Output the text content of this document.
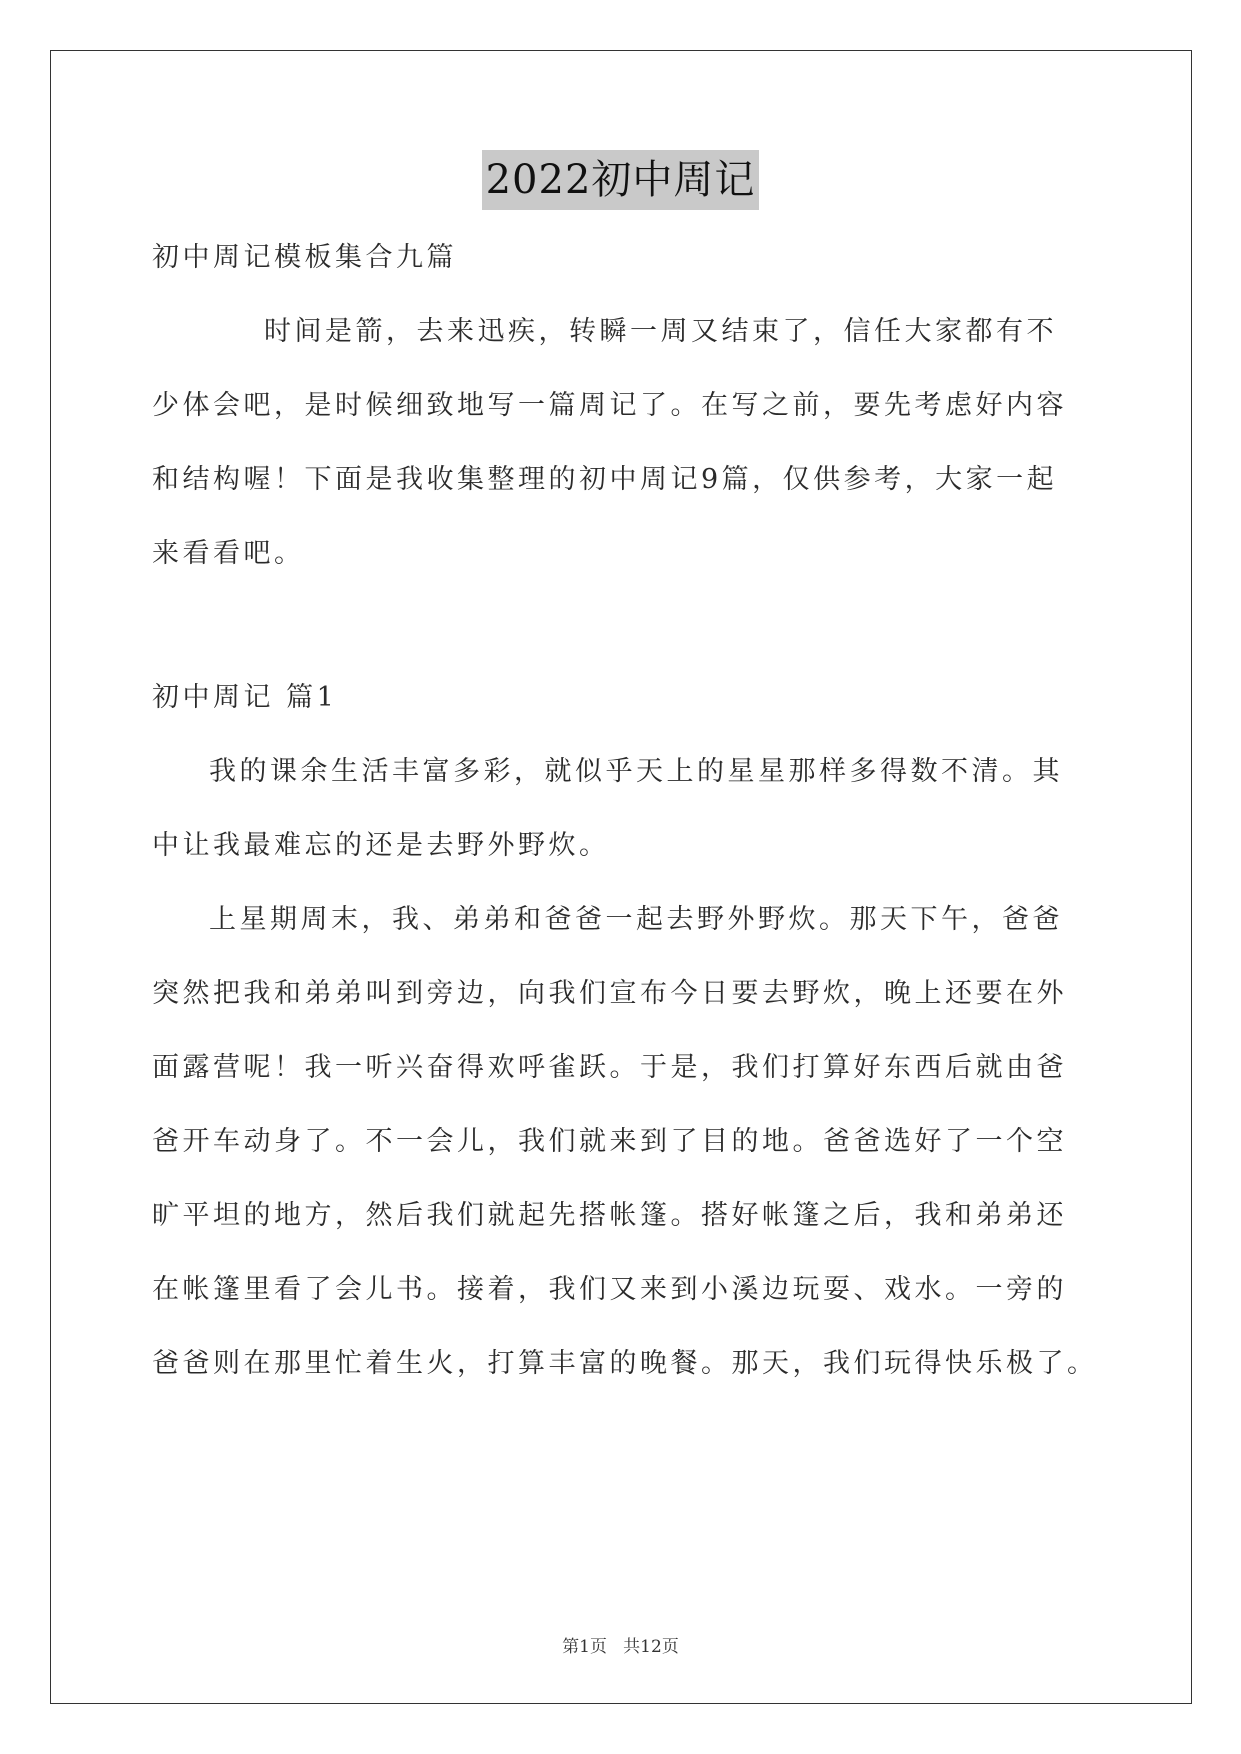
2022初中周记
初中周记模板集合九篇
时间是箭，去来迅疾，转瞬一周又结束了，信任大家都有不
少体会吧，是时候细致地写一篇周记了。在写之前，要先考虑好内容
和结构喔！下面是我收集整理的初中周记9篇，仅供参考，大家一起
来看看吧。
初中周记 篇1
我的课余生活丰富多彩，就似乎天上的星星那样多得数不清。其
中让我最难忘的还是去野外野炊。
上星期周末，我、弟弟和爸爸一起去野外野炊。那天下午，爸爸
突然把我和弟弟叫到旁边，向我们宣布今日要去野炊，晚上还要在外
面露营呢！我一听兴奋得欢呼雀跃。于是，我们打算好东西后就由爸
爸开车动身了。不一会儿，我们就来到了目的地。爸爸选好了一个空
旷平坦的地方，然后我们就起先搭帐篷。搭好帐篷之后，我和弟弟还
在帐篷里看了会儿书。接着，我们又来到小溪边玩耍、戏水。一旁的
爸爸则在那里忙着生火，打算丰富的晚餐。那天，我们玩得快乐极了。
第1页   共12页
